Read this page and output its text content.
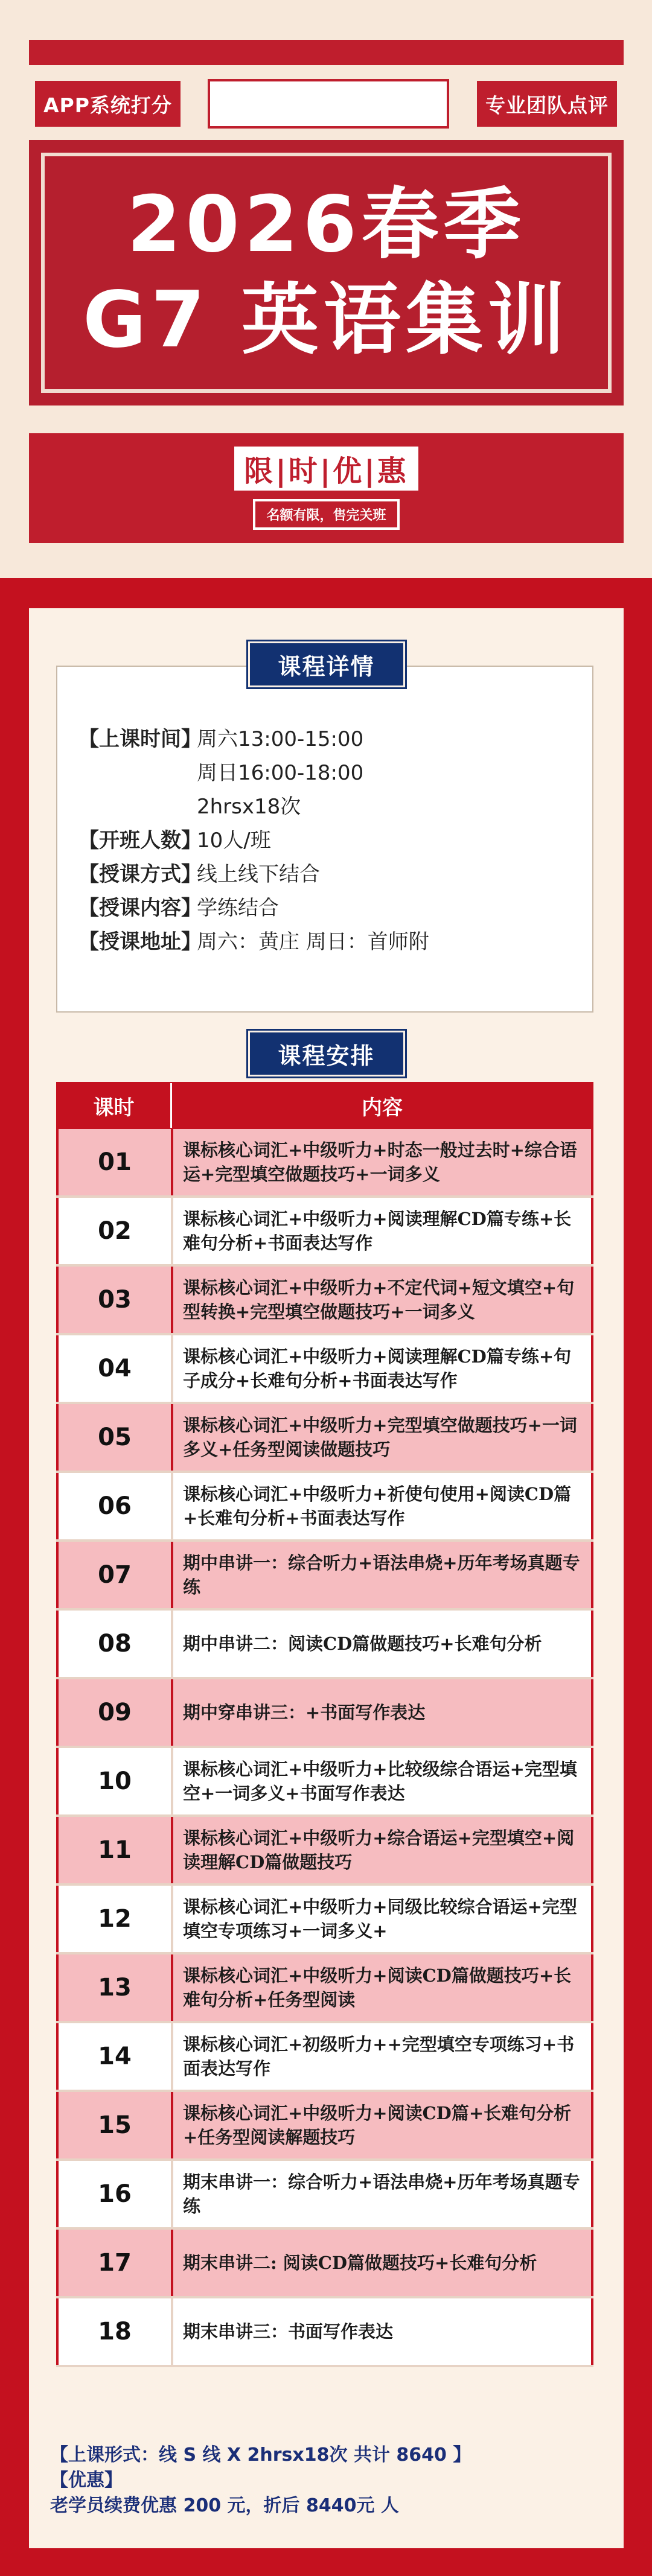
APP系统打分	专业团队点评
2026春季
G7 英语集训
限|时|优|惠
名额有限，售完关班
【上课时间】
周六13:00-15:00
周日16:00-18:00
2hrsx18次
【开班人数】
10人/班
【授课方式】
线上线下结合
【授课内容】
学练结合
【授课地址】
周六：黄庄 周日：首师附
课程详情
课程安排
课时	内容
01	课标核心词汇+中级听力+时态一般过去时+综合语运+完型填空做题技巧+一词多义
02	课标核心词汇+中级听力+阅读理解CD篇专练+长难句分析+书面表达写作
03	课标核心词汇+中级听力+不定代词+短文填空+句型转换+完型填空做题技巧+一词多义
04	课标核心词汇+中级听力+阅读理解CD篇专练+句子成分+长难句分析+书面表达写作
05	课标核心词汇+中级听力+完型填空做题技巧+一词多义+任务型阅读做题技巧
06	课标核心词汇+中级听力+祈使句使用+阅读CD篇+长难句分析+书面表达写作
07	期中串讲一：综合听力+语法串烧+历年考场真题专练
08	期中串讲二：阅读CD篇做题技巧+长难句分析
09	期中穿串讲三：+书面写作表达
10	课标核心词汇+中级听力+比较级综合语运+完型填空+一词多义+书面写作表达
11	课标核心词汇+中级听力+综合语运+完型填空+阅读理解CD篇做题技巧
12	课标核心词汇+中级听力+同级比较综合语运+完型填空专项练习+一词多义+
13	课标核心词汇+中级听力+阅读CD篇做题技巧+长难句分析+任务型阅读
14	课标核心词汇+初级听力++完型填空专项练习+书面表达写作
15	课标核心词汇+中级听力+阅读CD篇+长难句分析+任务型阅读解题技巧
16	期末串讲一：综合听力+语法串烧+历年考场真题专练
17	期末串讲二: 阅读CD篇做题技巧+长难句分析
18	期末串讲三：书面写作表达
【上课形式：线 S 线 X 2hrsx18次 共计 8640 】
【优惠】
老学员续费优惠 200 元，折后 8440元 人
